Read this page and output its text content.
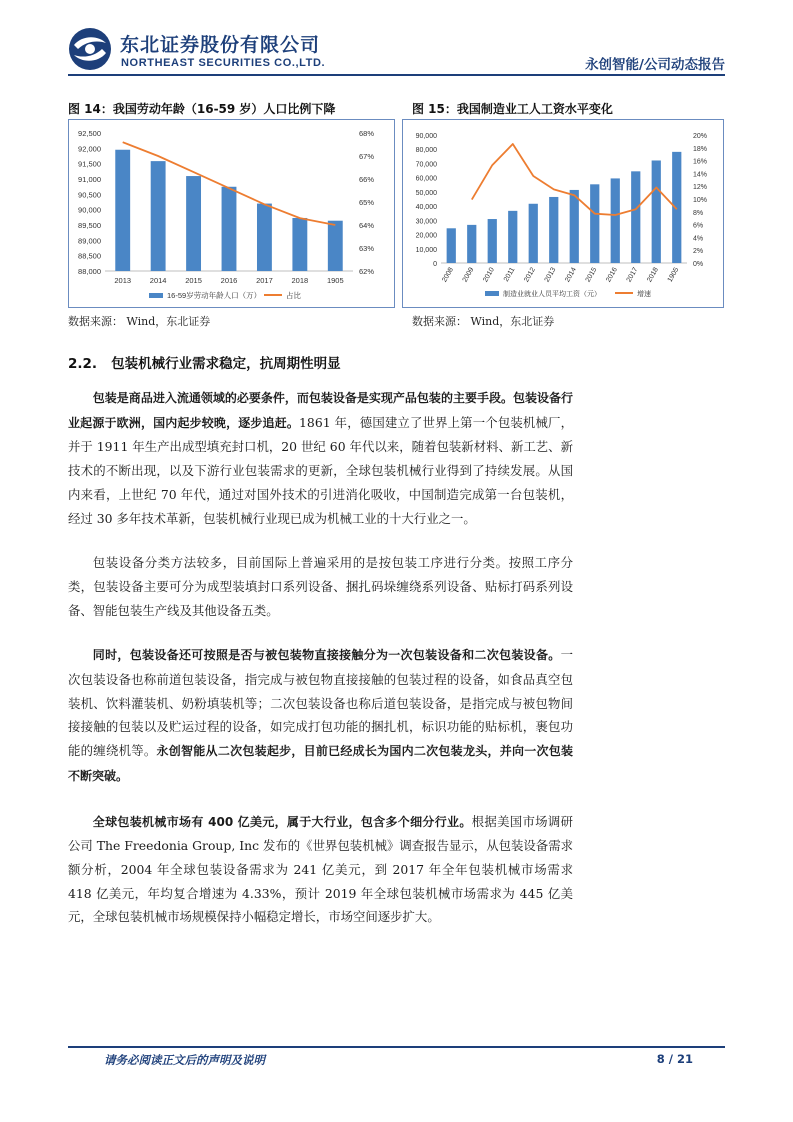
东北证券股份有限公司
NORTHEAST SECURITIES CO.,LTD.	永创智能/公司动态报告
图 14：我国劳动年龄（16-59 岁）人口比例下降
88,000
88,500
89,000
89,500
90,000
90,500
91,000
91,500
92,000
92,500
62%
63%
64%
65%
66%
67%
68%
2013 2014 2015 2016 2017 2018 1905
16-59岁劳动年龄人口（万）	占比
数据来源： Wind，东北证券
图 15：我国制造业工人工资水平变化
0
10,000
20,000
30,000
40,000
50,000
60,000
70,000
80,000
90,000
0%
2%
4%
6%
8%
10%
12%
14%
16%
18%
20%
2008 2009 2010 2011 2012 2013 2014 2015 2016 2017 2018 1905
制造业就业人员平均工资（元）	增速
数据来源： Wind，东北证券
2.2.   包装机械行业需求稳定，抗周期性明显

包装是商品进入流通领域的必要条件，而包装设备是实现产品包装的主要手段。包装设备行业起源于欧洲，国内起步较晚，逐步追赶。1861 年，德国建立了世界上第一个包装机械厂，并于 1911 年生产出成型填充封口机，20 世纪 60 年代以来，随着包装新材料、新工艺、新技术的不断出现，以及下游行业包装需求的更新，全球包装机械行业得到了持续发展。从国内来看，上世纪 70 年代，通过对国外技术的引进消化吸收，中国制造完成第一台包装机，经过 30 多年技术革新，包装机械行业现已成为机械工业的十大行业之一。

包装设备分类方法较多，目前国际上普遍采用的是按包装工序进行分类。按照工序分类，包装设备主要可分为成型装填封口系列设备、捆扎码垛缠绕系列设备、贴标打码系列设备、智能包装生产线及其他设备五类。

同时，包装设备还可按照是否与被包装物直接接触分为一次包装设备和二次包装设备。一次包装设备也称前道包装设备，指完成与被包物直接接触的包装过程的设备，如食品真空包装机、饮料灌装机、奶粉填装机等；二次包装设备也称后道包装设备，是指完成与被包物间接接触的包装以及贮运过程的设备，如完成打包功能的捆扎机，标识功能的贴标机，裹包功能的缠绕机等。永创智能从二次包装起步，目前已经成长为国内二次包装龙头，并向一次包装不断突破。

全球包装机械市场有 400 亿美元，属于大行业，包含多个细分行业。根据美国市场调研公司 The Freedonia Group, Inc 发布的《世界包装机械》调查报告显示，从包装设备需求额分析，2004 年全球包装设备需求为 241 亿美元，到 2017 年全年包装机械市场需求 418 亿美元，年均复合增速为 4.33%，预计 2019 年全球包装机械市场需求为 445 亿美元，全球包装机械市场规模保持小幅稳定增长，市场空间逐步扩大。

请务必阅读正文后的声明及说明	8 / 21
